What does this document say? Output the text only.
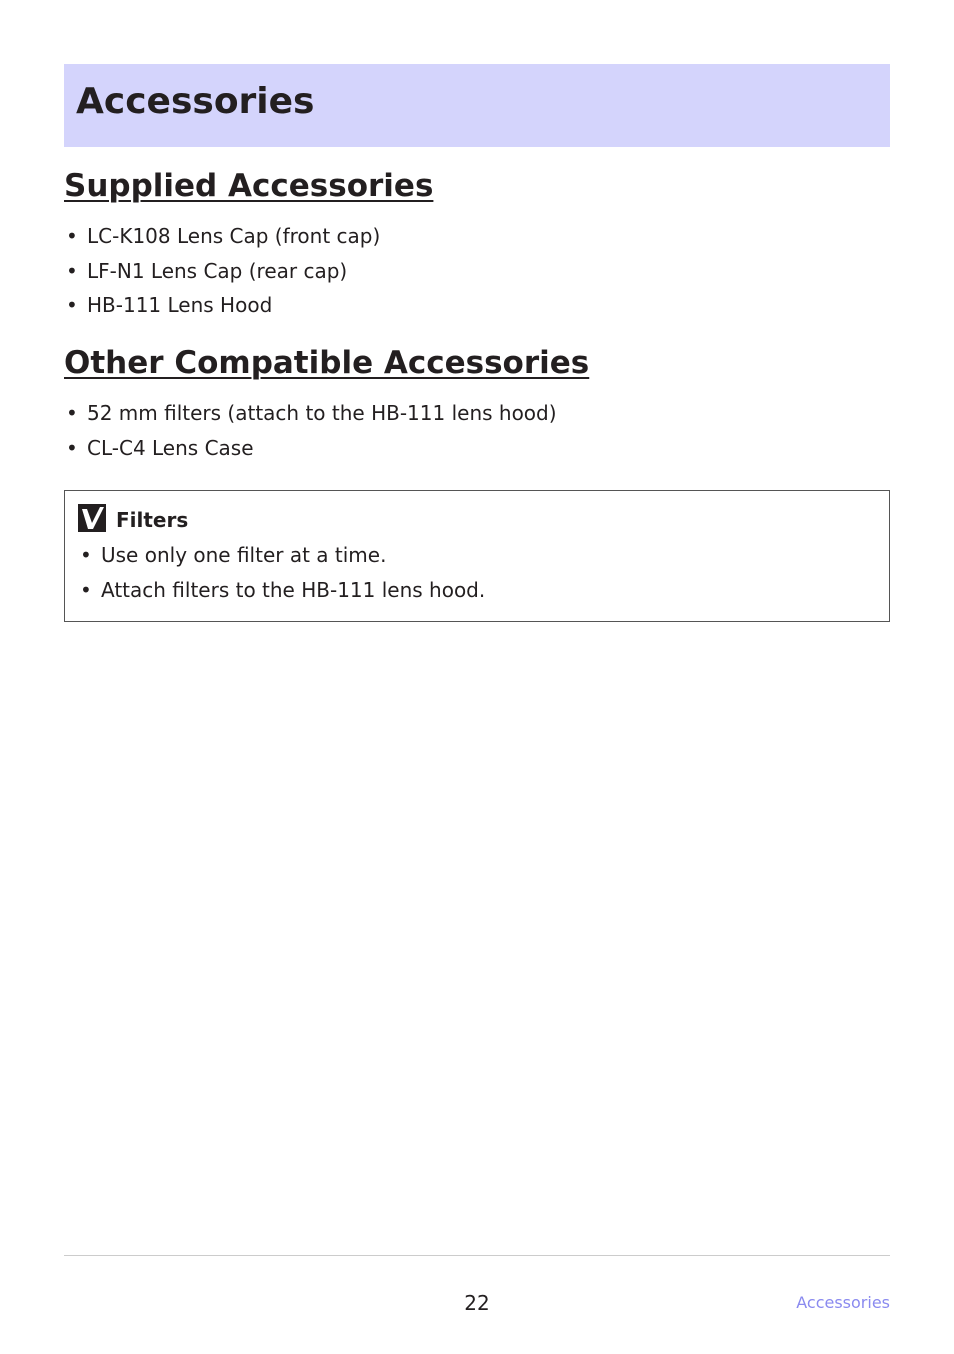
Accessories
Supplied Accessories
• LC-K108 Lens Cap (front cap)
• LF-N1 Lens Cap (rear cap)
• HB-111 Lens Hood
Other Compatible Accessories
• 52 mm filters (attach to the HB-111 lens hood)
• CL-C4 Lens Case
Filters
• Use only one filter at a time.
• Attach filters to the HB-111 lens hood.
22	Accessories
